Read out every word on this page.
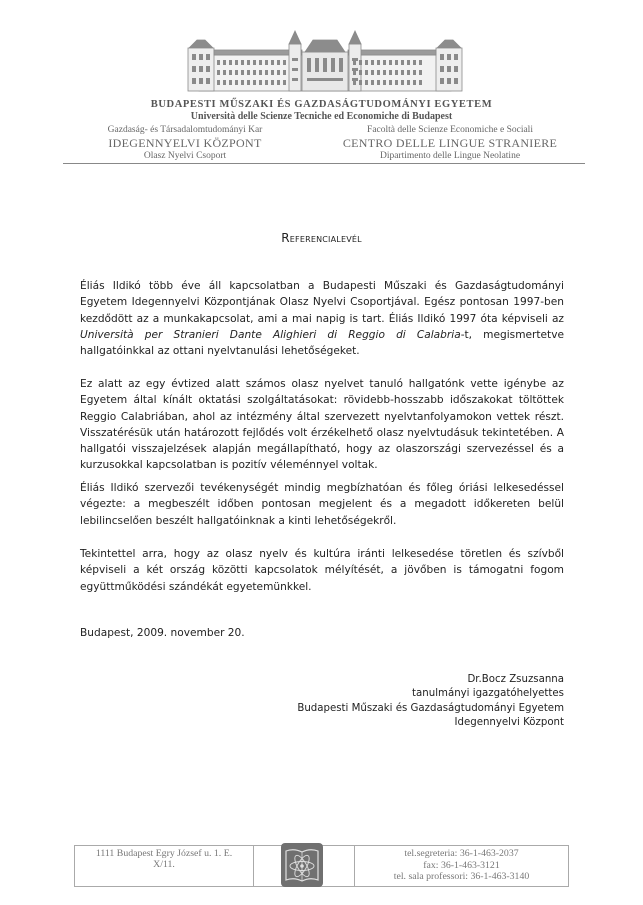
BUDAPESTI MŰSZAKI ÉS GAZDASÁGTUDOMÁNYI EGYETEM
Università delle Scienze Tecniche ed Economiche di Budapest
Gazdaság- és Társadalomtudományi Kar
IDEGENNYELVI KÖZPONT
Olasz Nyelvi Csoport
Facoltà delle Scienze Economiche e Sociali
CENTRO DELLE LINGUE STRANIERE
Dipartimento delle Lingue Neolatine
Referencialevél
Éliás Ildikó több éve áll kapcsolatban a Budapesti Műszaki és Gazdaságtudományi Egyetem Idegennyelvi Központjának Olasz Nyelvi Csoportjával. Egész pontosan 1997-ben kezdődött az a munkakapcsolat, ami a mai napig is tart. Éliás Ildikó 1997 óta képviseli az Università per Stranieri Dante Alighieri di Reggio di Calabria-t, megismertetve hallgatóinkkal az ottani nyelvtanulási lehetőségeket.
Ez alatt az egy évtized alatt számos olasz nyelvet tanuló hallgatónk vette igénybe az Egyetem által kínált oktatási szolgáltatásokat: rövidebb-hosszabb időszakokat töltöttek Reggio Calabriában, ahol az intézmény által szervezett nyelvtanfolyamokon vettek részt. Visszatérésük után határozott fejlődés volt érzékelhető olasz nyelvtudásuk tekintetében. A hallgatói visszajelzések alapján megállapítható, hogy az olaszországi szervezéssel és a kurzusokkal kapcsolatban is pozitív véleménnyel voltak.
Éliás Ildikó szervezői tevékenységét mindig megbízhatóan és főleg óriási lelkesedéssel végezte: a megbeszélt időben pontosan megjelent és a megadott időkereten belül lebilincselően beszélt hallgatóinknak a kinti lehetőségekről.
Tekintettel arra, hogy az olasz nyelv és kultúra iránti lelkesedése töretlen és szívből képviseli a két ország közötti kapcsolatok mélyítését, a jövőben is támogatni fogom együttműködési szándékát egyetemünkkel.
Budapest, 2009. november 20.
Dr.Bocz Zsuzsanna
tanulmányi igazgatóhelyettes
Budapesti Műszaki és Gazdaságtudományi Egyetem
Idegennyelvi Központ
1111 Budapest Egry József u. 1. E.
X/11.
tel.segreteria: 36-1-463-2037
fax: 36-1-463-3121
tel. sala professori: 36-1-463-3140
